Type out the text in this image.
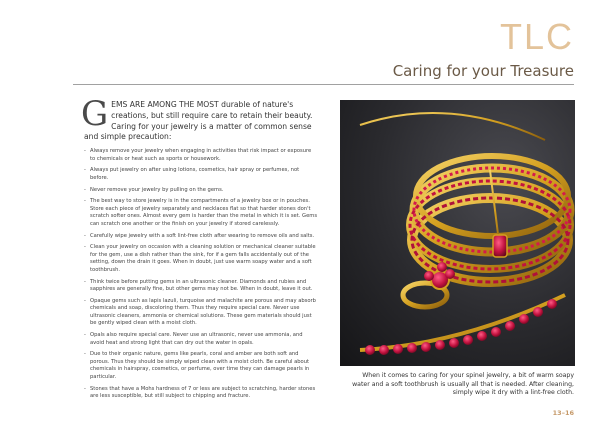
TLC
Caring for your Treasure

GEMS ARE AMONG THE MOST durable of nature's creations, but still require care to retain their beauty. Caring for your jewelry is a matter of common sense and simple precaution:

- Always remove your jewelry when engaging in activities that risk impact or exposure to chemicals or heat such as sports or housework.
- Always put jewelry on after using lotions, cosmetics, hair spray or perfumes, not before.
- Never remove your jewelry by pulling on the gems.
- The best way to store jewelry is in the compartments of a jewelry box or in pouches. Store each piece of jewelry separately and necklaces flat so that harder stones don't scratch softer ones. Almost every gem is harder than the metal in which it is set. Gems can scratch one another or the finish on your jewelry if stored carelessly.
- Carefully wipe jewelry with a soft lint-free cloth after wearing to remove oils and salts.
- Clean your jewelry on occasion with a cleaning solution or mechanical cleaner suitable for the gem, use a dish rather than the sink, for if a gem falls accidentally out of the setting, down the drain it goes. When in doubt, just use warm soapy water and a soft toothbrush.
- Think twice before putting gems in an ultrasonic cleaner. Diamonds and rubies and sapphires are generally fine, but other gems may not be. When in doubt, leave it out.
- Opaque gems such as lapis lazuli, turquoise and malachite are porous and may absorb chemicals and soap, discoloring them. Thus they require special care. Never use ultrasonic cleaners, ammonia or chemical solutions. These gem materials should just be gently wiped clean with a moist cloth.
- Opals also require special care. Never use an ultrasonic, never use ammonia, and avoid heat and strong light that can dry out the water in opals.
- Due to their organic nature, gems like pearls, coral and amber are both soft and porous. Thus they should be simply wiped clean with a moist cloth. Be careful about chemicals in hairspray, cosmetics, or perfume, over time they can damage pearls in particular.
- Stones that have a Mohs hardness of 7 or less are subject to scratching, harder stones are less susceptible, but still subject to chipping and fracture.
When it comes to caring for your spinel jewelry, a bit of warm soapy water and a soft toothbrush is usually all that is needed. After cleaning, simply wipe it dry with a lint-free cloth.
13–16
